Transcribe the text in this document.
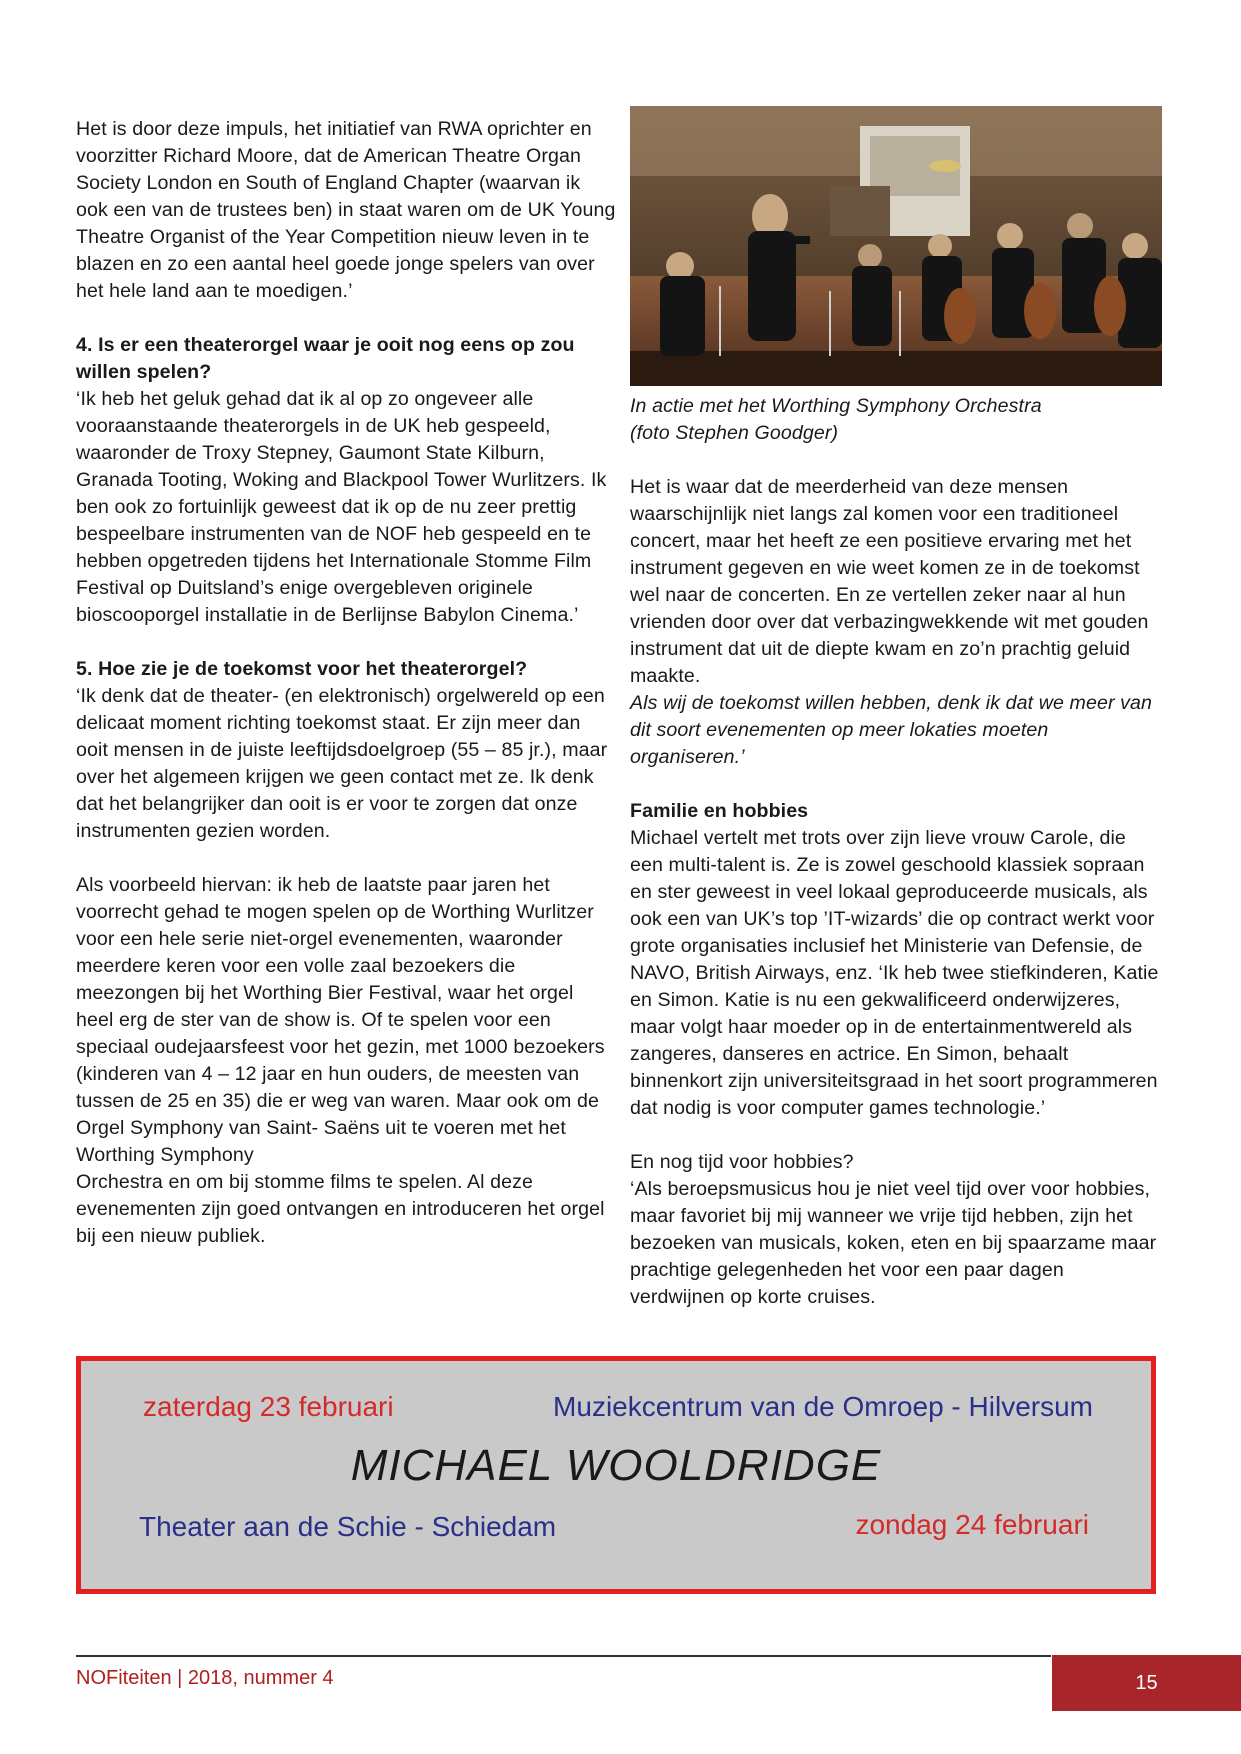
Het is door deze impuls, het initiatief van RWA oprichter en voorzitter Richard Moore, dat de American Theatre Organ Society London en South of England Chapter (waarvan ik ook een van de trustees ben) in staat waren om de UK Young Theatre Organist of the Year Competition nieuw leven in te blazen en zo een aantal heel goede jonge spelers van over het hele land aan te moedigen.’

4. Is er een theaterorgel waar je ooit nog eens op zou willen spelen?

‘Ik heb het geluk gehad dat ik al op zo ongeveer alle vooraanstaande theaterorgels in de UK heb gespeeld, waaronder de Troxy Stepney, Gaumont State Kilburn, Granada Tooting, Woking and Blackpool Tower Wurlitzers. Ik ben ook zo fortuinlijk geweest dat ik op de nu zeer prettig bespeelbare instrumenten van de NOF heb gespeeld en te hebben opgetreden tijdens het Internationale Stomme Film Festival op Duitsland’s enige overgebleven originele bioscooporgel installatie in de Berlijnse Babylon Cinema.’

5. Hoe zie je de toekomst voor het theaterorgel?

‘Ik denk dat de theater- (en elektronisch) orgelwereld op een delicaat moment richting toekomst staat. Er zijn meer dan ooit mensen in de juiste leeftijdsdoelgroep (55 – 85 jr.), maar over het algemeen krijgen we geen contact met ze. Ik denk dat het belangrijker dan ooit is er voor te zorgen dat onze instrumenten gezien worden.

Als voorbeeld hiervan: ik heb de laatste paar jaren het voorrecht gehad te mogen spelen op de Worthing Wurlitzer voor een hele serie niet-orgel evenementen, waaronder meerdere keren voor een volle zaal bezoekers die meezongen bij het Worthing Bier Festival, waar het orgel heel erg de ster van de show is. Of te spelen voor een speciaal oudejaarsfeest voor het gezin, met 1000 bezoekers (kinderen van 4 – 12 jaar en hun ouders, de meesten van tussen de 25 en 35) die er weg van waren. Maar ook om de Orgel Symphony van Saint- Saëns uit te voeren met het Worthing Symphony

Orchestra en om bij stomme films te spelen. Al deze evenementen zijn goed ontvangen en introduceren het orgel bij een nieuw publiek.

In actie met het Worthing Symphony Orchestra

(foto Stephen Goodger)

Het is waar dat de meerderheid van deze mensen waarschijnlijk niet langs zal komen voor een traditioneel concert, maar het heeft ze een positieve ervaring met het instrument gegeven en wie weet komen ze in de toekomst wel naar de concerten. En ze vertellen zeker naar al hun vrienden door over dat verbazingwekkende wit met gouden instrument dat uit de diepte kwam en zo’n prachtig geluid maakte.

Als wij de toekomst willen hebben, denk ik dat we meer van dit soort evenementen op meer lokaties moeten organiseren.’

Familie en hobbies

Michael vertelt met trots over zijn lieve vrouw Carole, die een multi-talent is. Ze is zowel geschoold klassiek sopraan en ster geweest in veel lokaal geproduceerde musicals, als ook een van UK’s top ’IT-wizards’ die op contract werkt voor grote organisaties inclusief het Ministerie van Defensie, de NAVO, British Airways, enz. ‘Ik heb twee stiefkinderen, Katie en Simon. Katie is nu een gekwalificeerd onderwijzeres, maar volgt haar moeder op in de entertainmentwereld als zangeres, danseres en actrice. En Simon, behaalt binnenkort zijn universiteitsgraad in het soort programmeren dat nodig is voor computer games technologie.’

En nog tijd voor hobbies?

‘Als beroepsmusicus hou je niet veel tijd over voor hobbies, maar favoriet bij mij wanneer we vrije tijd hebben, zijn het bezoeken van musicals, koken, eten en bij spaarzame maar prachtige gelegenheden het voor een paar dagen verdwijnen op korte cruises.

zaterdag 23 februari	Muziekcentrum van de Omroep - Hilversum
MICHAEL WOOLDRIDGE
Theater aan de Schie - Schiedam	zondag 24 februari
NOFiteiten | 2018, nummer 4	15
